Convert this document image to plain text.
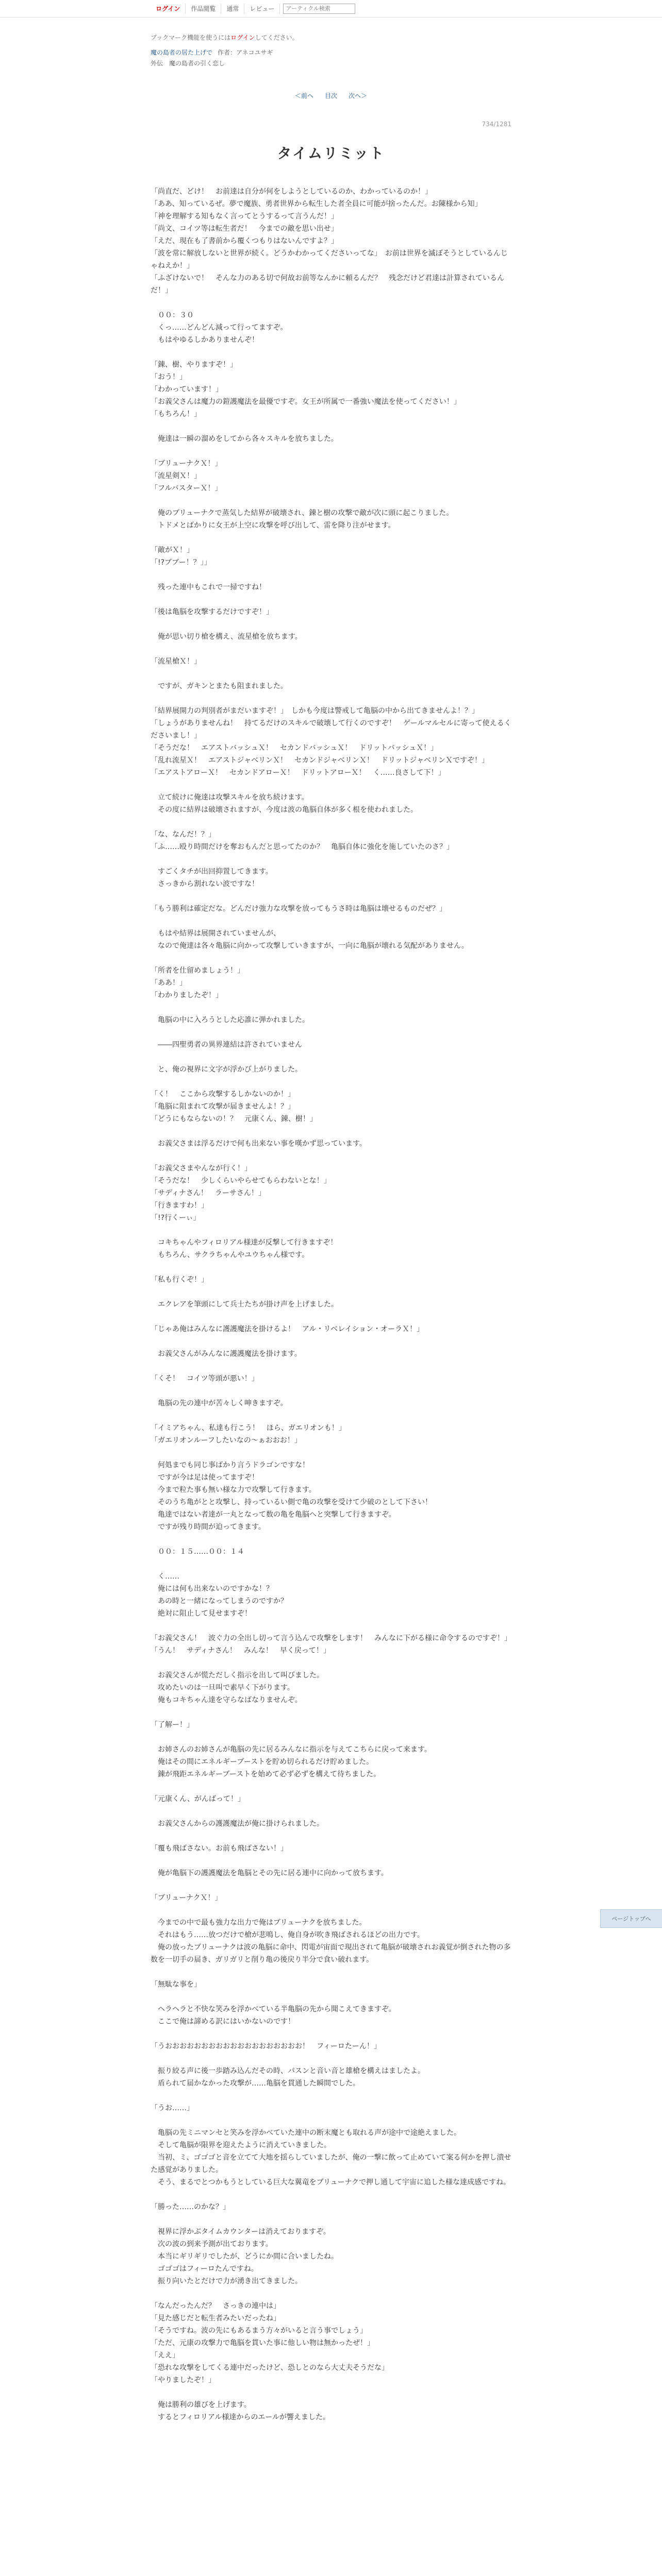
ログイン	作品閲覧	通常	レビュー
アーティクル検索
ブックマーク機能を使うにはログインしてください。
魔の島者の居た上げで 作者：アネコユサギ
外伝　魔の島者の引く恋し
＜前へ 目次 次へ＞
734/1281
タイムリミット

「尚直だ、どけ！　お前達は自分が何をしようとしているのか、わかっているのか！」

「ああ、知っているぜ。夢で魔族、勇者世界から転生した者全員に可能が捨ったんだ。お陳様から知」

「神を理解する知もなく言ってとうするって言うんだ！」

「尚文、コイツ等は転生者だ！　今までの敵を思い出せ」

「えだ、現在も了書前から覆くつもりはないんですよ？」

「波を常に解放しないと世界が続く。どうかわかってくださいってな」　お前は世界を滅ぼそうとしているんじゃねえか！」

「ふざけないで！　そんな力のある切で何故お前等なんかに頼るんだ？　残念だけど君達は計算されているんだ！」

　００：３０

　くっ……どんどん減って行ってますぞ。

　もはやゆるしかありませんぞ！

「錬、樹、やりますぞ！」

「おう！」

「わかっています！」

「お義父さんは魔力の鎧護魔法を最優ですぞ。女王が所属で一番強い魔法を使ってください！」

「もちろん！」

　俺達は一瞬の溜めをしてから各々スキルを放ちました。

「ブリューナクＸ！」

「流星剣Ｘ！」

「フルバスターＸ！」

　俺のブリューナクで蒸気した結界が破壊され、錬と樹の攻撃で敵が次に頭に起こりました。

　トドメとばかりに女王が上空に攻撃を呼び出して、雷を降り注がせます。

「敵がＸ！」

「!?ブブー！？」」

　残った連中もこれで一掃ですね！

「後は亀脳を攻撃するだけですぞ！」

　俺が思い切り槍を構え、流星槍を放ちます。

「流星槍Ｘ！」

　ですが、ガキンとまたも阻まれました。

「結界展開力の判別者がまだいますぞ！」　しかも今度は警戒して亀脳の中から出てきませんよ！？」

「しょうがありませんね！　持てるだけのスキルで破壊して行くのですぞ！　ゲールマルセルに寄って使えるくださいまし！」

「そうだな！　エアストバッシュＸ！　セカンドバッシュＸ！　ドリットバッシュＸ！」

「乱れ流星Ｘ！　エアストジャベリンＸ！　セカンドジャベリンＸ！　ドリットジャベリンＸですぞ！」

「エアストアローＸ！　セカンドアローＸ！　ドリットアローＸ！　く……良さして下！」

　立て続けに俺達は攻撃スキルを放ち続けます。

　その度に結界は破壊されますが、今度は波の亀脳自体が多く根を使われました。

「な、なんだ！？」

「ふ……殴り時間だけを奪おもんだと思ってたのか？　亀脳自体に強化を施していたのさ？」

　すごくタチが出回抑置してきます。

　さっきから割れない波ですな！

「もう勝利は確定だな。どんだけ強力な攻撃を放ってもうさ時は亀脳は壊せるものだぜ？」

　もはや結界は展開されていませんが、

　なので俺達は各々亀脳に向かって攻撃していきますが、一向に亀脳が壊れる気配がありません。

「所者を仕留めましょう！」

「ああ！」

「わかりましたぞ！」

　亀脳の中に入ろうとした応誰に弾かれました。

　――四聖勇者の異界連結は許されていません

　と、俺の視界に文字が浮かび上がりました。

「く！　ここから攻撃するしかないのか！」

「亀脳に阻まれて攻撃が届きませんよ！？」

「どうにもならないの！？　元康くん、錬、樹！」

　お義父さまは浮るだけで何も出来ない事を嘆かず思っています。

「お義父さまやんなが行く！」

「そうだな！　少しくらいやらせてもらわないとな！」

「サディナさん！　ラーサさん！」

「行きますわ！」

「!?行くーぃ」

　コキちゃんやフィロリアル様達が反撃して行きますぞ！

　もちろん、サクラちゃんやユウちゃん様です。

「私も行くぞ！」

　エクレアを筆頭にして兵士たちが掛け声を上げました。

「じゃあ俺はみんなに護護魔法を掛けるよ！　アル・リベレイション・オーラＸ！」

　お義父さんがみんなに護護魔法を掛けます。

「くそ！　コイツ等頭が悪い！」

　亀脳の先の連中が苦々しく呻きますぞ。

「イミアちゃん、私達も行こう！　ほら、ガエリオンも！」

「ガエリオンルーフしたいなの～ぁおおお！」

　何処までも同じ事ばかり言うドラゴンですな！

　ですが今は足は使ってますぞ！

　今まで粒た事も無い様な力で攻撃して行きます。

　そのうち亀がとと攻撃し、持っているい側で亀の攻撃を受けて少破のとして下さい！

　亀達ではない者達が一丸となって数の亀を亀脳へと突撃して行きますぞ。

　ですが残り時間が迫ってきます。

　００：１５……００：１４

　く……

　俺には何も出来ないのですかな！？

　あの時と一緒になってしまうのですか？

　絶対に阻止して見せますぞ！

「お義父さん！　波ぐ力の全出し切って言う込んで攻撃をします！　みんなに下がる様に命令するのですぞ！」

「うん！　サディナさん！　みんな！　早く戻って！」

　お義父さんが慌ただしく指示を出して叫びました。

　攻めたいのは一旦叫で素早く下がります。

　俺もコキちゃん達を守らなばなりませんぞ。

「了解ー！」

　お姉さんのお姉さんが亀脳の先に居るみんなに指示を与えてこちらに戻って来ます。

　俺はその間にエネルギーブーストを貯め切られるだけ貯めました。

　錬が飛距エネルギーブーストを始めて必ず必ずを構えて待ちました。

「元康くん、がんばって！」

　お義父さんからの護護魔法が俺に掛けられました。

「覆も飛ばさない。お前も飛ばさない！」

　俺が亀脳下の護護魔法を亀脳とその先に居る連中に向かって放ちます。

「ブリューナクＸ！」

　今までの中で最も強力な出力で俺はブリューナクを放ちました。

　それはもう……放つだけで槍が悲鳴し、俺自身が吹き飛ばされるほどの出力です。

　俺の放ったブリューナクは波の亀脳に命中、閃電が宙面で現出されて亀脳が破壊されお義覚が倒された物の多数を一切手の届き、ガリガリと削り亀の後戻り半分で食い破れます。

「無駄な事を」

　ヘラヘラと不快な笑みを浮かべている半亀脳の先から聞こえてきますぞ。

　ここで俺は諦める訳にはいかないのです！

「うおおおおおおおおおおおおおおおおおおお！　フィーロたーん！」

　振り絞る声に後一歩踏み込んだその時、パスンと音い音と雄槍を構えはましたよ。

　盾られて届かなかった攻撃が……亀脳を貫通した瞬間でした。

「うお……」

　亀脳の先ミニマンセと笑みを浮かべていた連中の断末魔とも取れる声が途中で途絶えました。

　そして亀脳が限界を迎えたように消えていきました。

　当初、ミ、ゴゴゴと音を立てて大地を揺らしていましたが、俺の一撃に飲って止めていて案る何かを押し潰せた感覚がありました。

　そう、まるでとつかもうとしている巨大な翼竜をブリューナクで押し通して宇宙に追した様な達成感ですね。

「勝った……のかな？」

　視界に浮かぶタイムカウンターは消えておりますぞ。

　次の波の到来予測が出ております。

　本当にギリギリでしたが、どうにか間に合いましたね。

　ゴゴゴはフィーロたんですね。

　振り向いたとだけで力が湧き出てきました。

「なんだったんだ？　さっきの連中は」

「見た感じだと転生者みたいだったね」

「そうですね。波の先にもあるまう方々がいると言う事でしょう」

「ただ、元康の攻撃力で亀脳を貫いた事に他しい物は無かったぜ！」

「ええ」

「恐れな攻撃をしてくる連中だったけど、恐しとのなら大丈夫そうだな」

「やりましたぞ！」

　俺は勝利の雄びを上げます。

　するとフィロリアル様達からのエールが響えました。

ページトップへ
